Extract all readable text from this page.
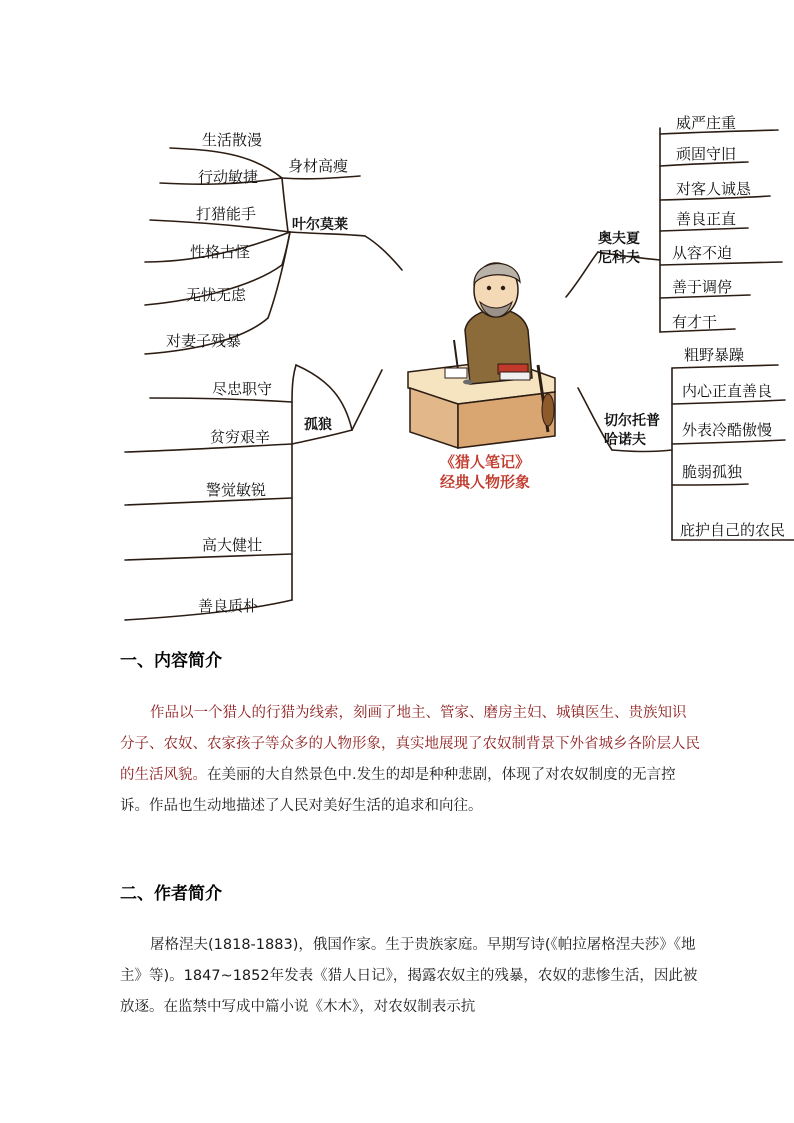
生活散漫
身材高瘦
行动敏捷
打猎能手
叶尔莫莱
性格古怪
无忧无虑
对妻子残暴
尽忠职守
孤狼
贫穷艰辛
警觉敏锐
高大健壮
善良质朴
威严庄重
顽固守旧
对客人诚恳
善良正直
奥夫夏
尼科夫 从容不迫
善于调停
有才干
粗野暴躁
内心正直善良
切尔托普
哈诺夫
外表冷酷傲慢
脆弱孤独
庇护自己的农民
《猎人笔记》
经典人物形象
一、内容简介
作品以一个猎人的行猎为线索，刻画了地主、管家、磨房主妇、城镇医生、贵族知识分子、农奴、农家孩子等众多的人物形象，真实地展现了农奴制背景下外省城乡各阶层人民的生活风貌。在美丽的大自然景色中.发生的却是种种悲剧，体现了对农奴制度的无言控诉。作品也生动地描述了人民对美好生活的追求和向往。
二、作者简介
屠格涅夫(1818-1883)，俄国作家。生于贵族家庭。早期写诗(《帕拉屠格涅夫莎》《地主》等)。1847~1852年发表《猎人日记》，揭露农奴主的残暴，农奴的悲惨生活，因此被放逐。在监禁中写成中篇小说《木木》，对农奴制表示抗
